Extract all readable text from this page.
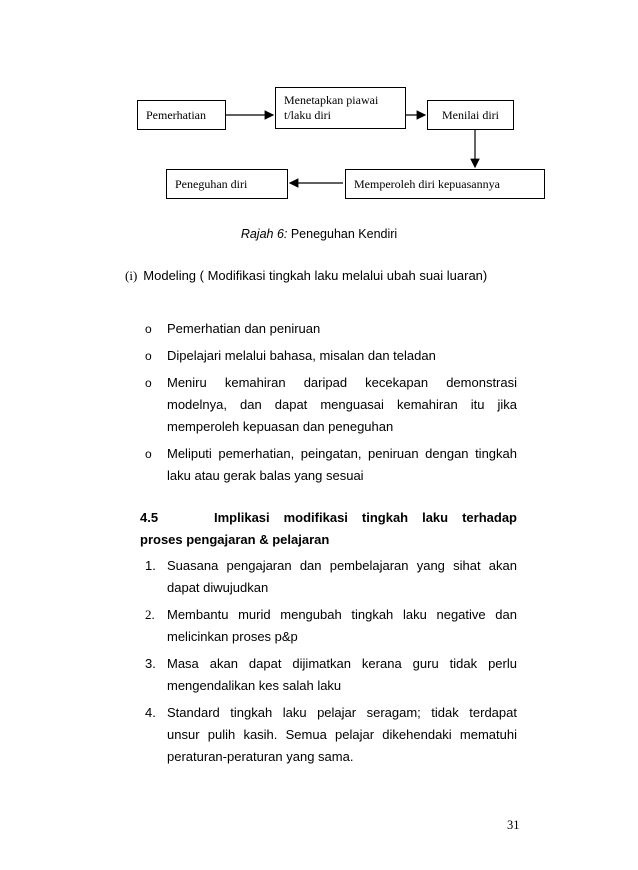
Pemerhatian
Menetapkan piawai
t/laku diri	Menilai diri
Peneguhan diri	Memperoleh diri kepuasannya
Rajah 6: Peneguhan Kendiri
(i) Modeling ( Modifikasi tingkah laku melalui ubah suai luaran)
o Pemerhatian dan peniruan
o Dipelajari melalui bahasa, misalan dan teladan
o Meniru kemahiran daripad kecekapan demonstrasi
modelnya, dan dapat menguasai kemahiran itu jika
memperoleh kepuasan dan peneguhan
o Meliputi pemerhatian, peingatan, peniruan dengan tingkah
laku atau gerak balas yang sesuai
4.5	Implikasi modifikasi tingkah laku terhadap
proses pengajaran & pelajaran
1. Suasana pengajaran dan pembelajaran yang sihat akan
dapat diwujudkan
2. Membantu murid mengubah tingkah laku negative dan
melicinkan proses p&p
3. Masa akan dapat dijimatkan kerana guru tidak perlu
mengendalikan kes salah laku
4. Standard tingkah laku pelajar seragam; tidak terdapat
unsur pulih kasih. Semua pelajar dikehendaki mematuhi
peraturan-peraturan yang sama.
31
